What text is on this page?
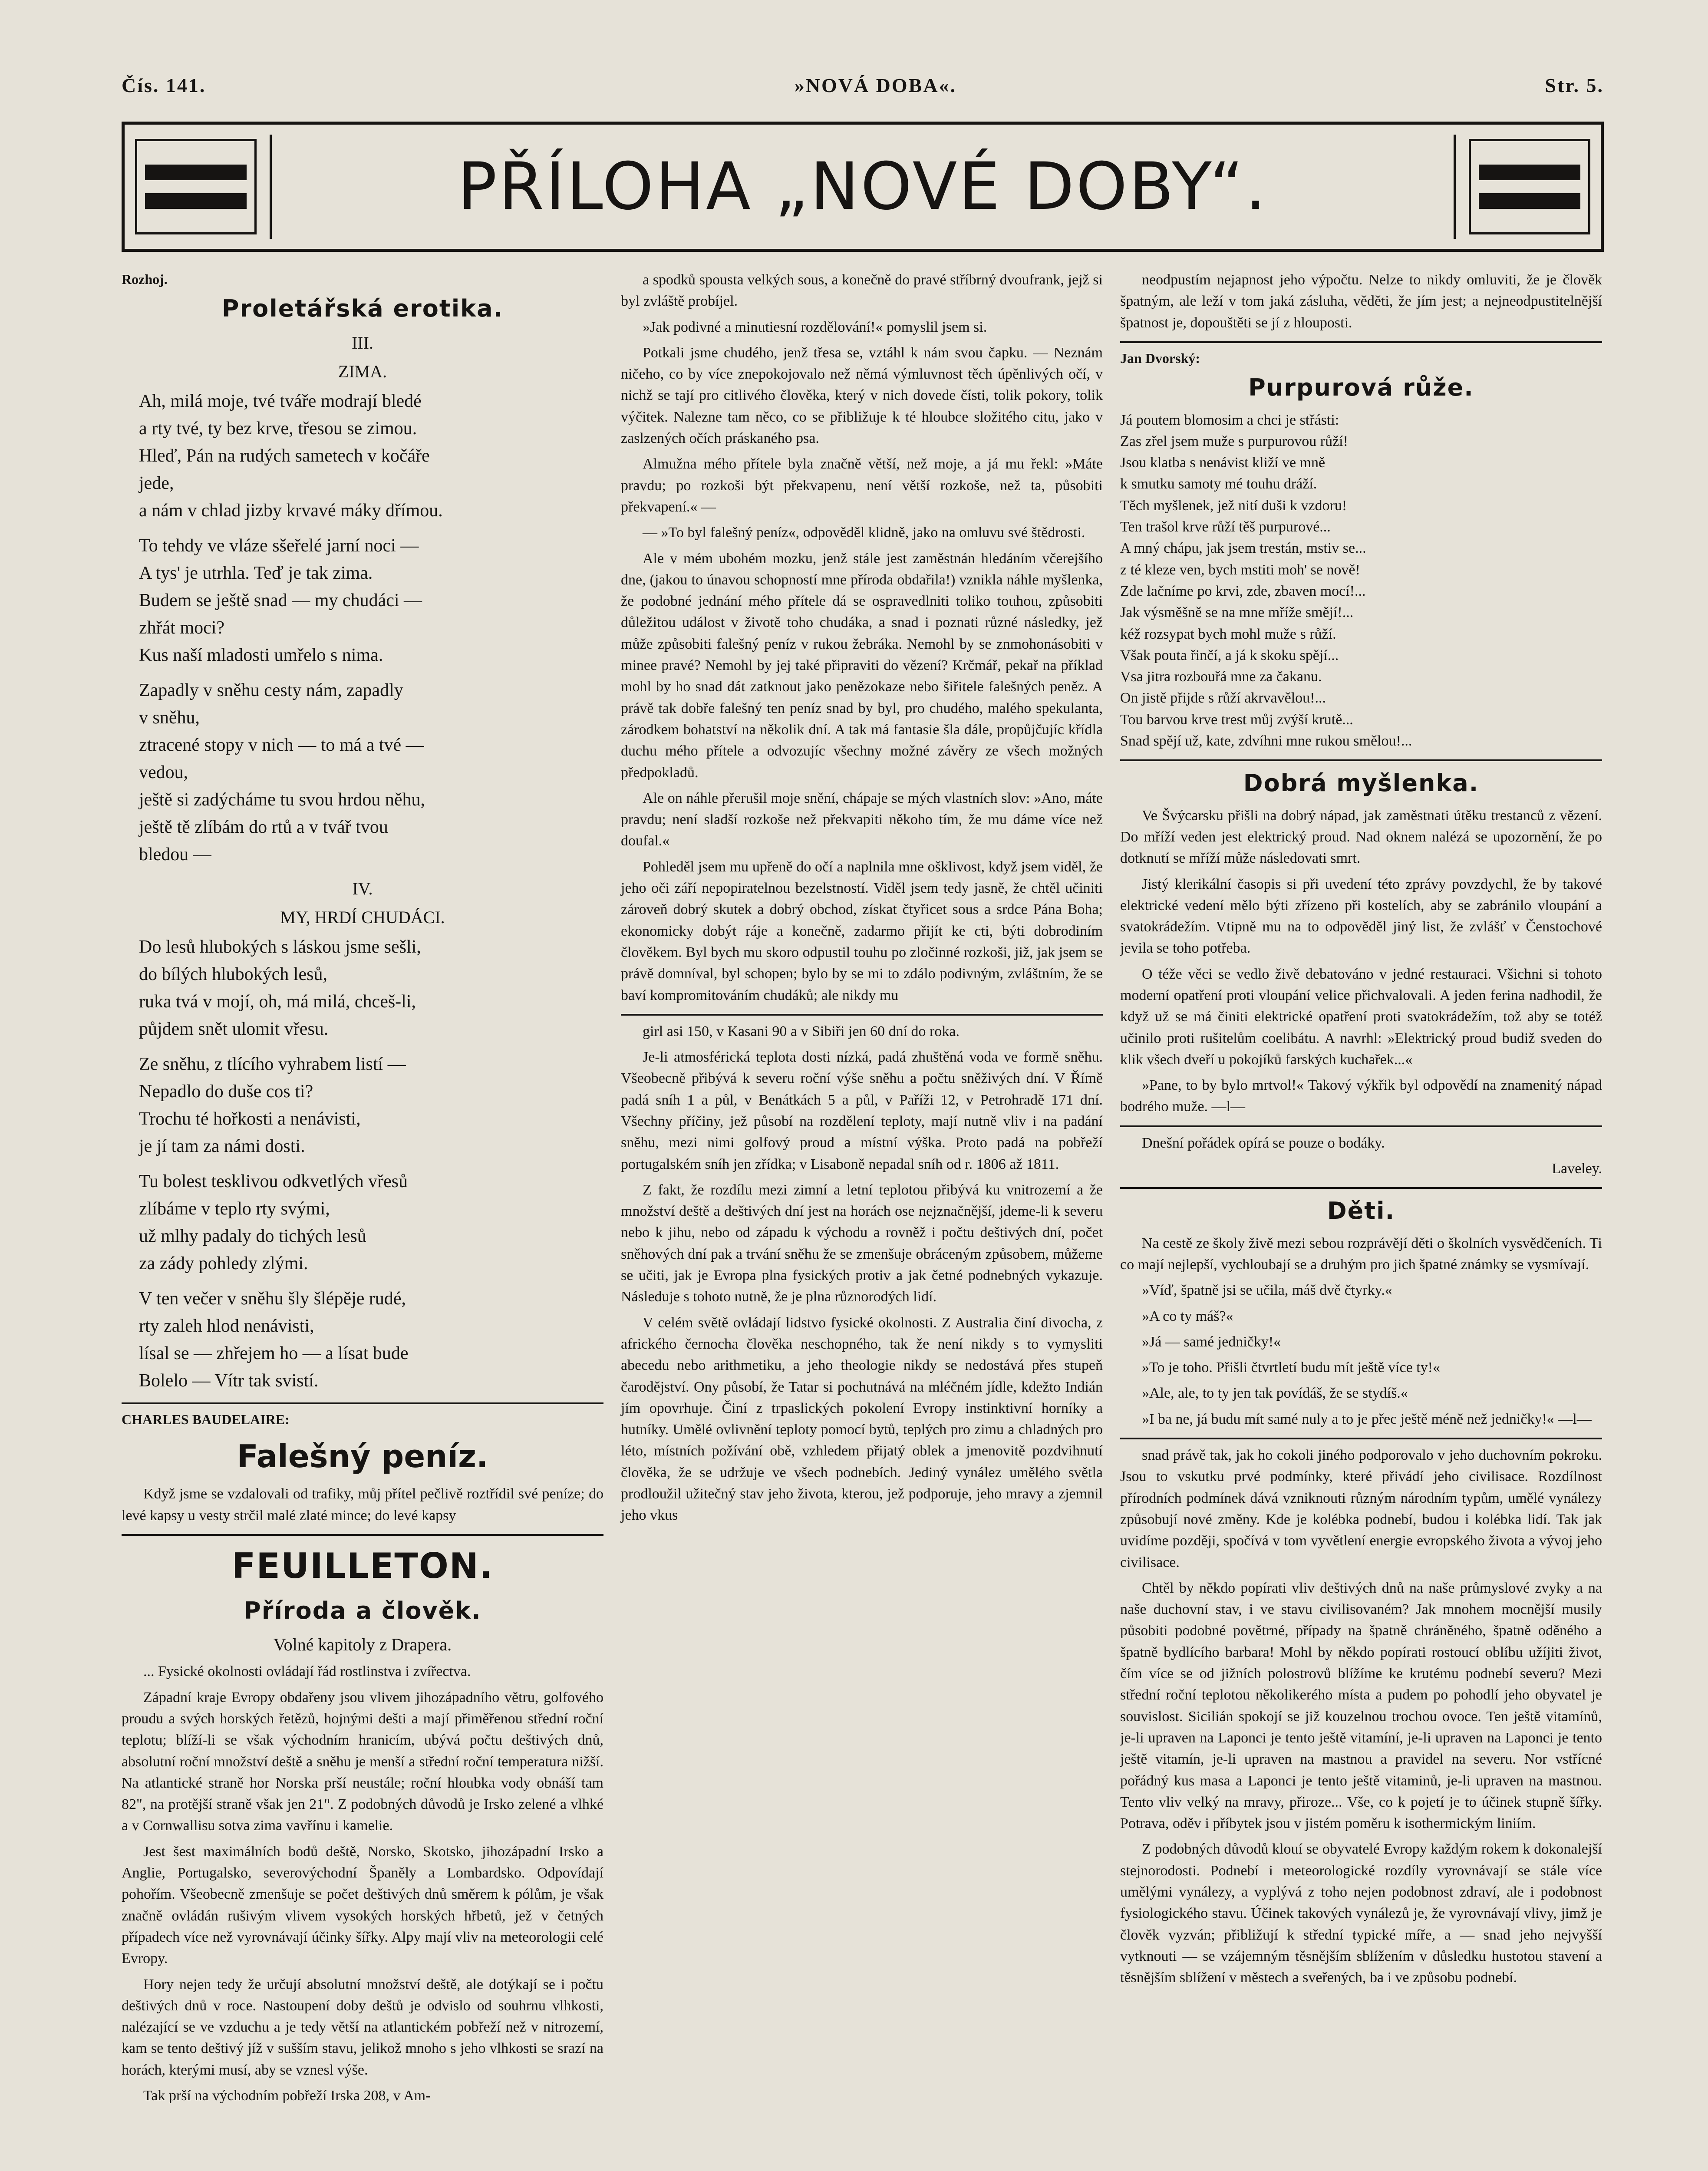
Čís. 141.	»NOVÁ DOBA«.	Str. 5.
PŘÍLOHA „NOVÉ DOBY“.
Rozhoj.
Proletářská erotika.
III.
ZIMA.
Ah, milá moje, tvé tváře modrají bledé
a rty tvé, ty bez krve, třesou se zimou.
Hleď, Pán na rudých sametech v kočáře
jede,
a nám v chlad jizby krvavé máky dřímou.
To tehdy ve vláze sšeřelé jarní noci —
A tys' je utrhla. Teď je tak zima.
Budem se ještě snad — my chudáci —
zhřát moci?
Kus naší mladosti umřelo s nima.
Zapadly v sněhu cesty nám, zapadly
v sněhu,
ztracené stopy v nich — to má a tvé —
vedou,
ještě si zadýcháme tu svou hrdou něhu,
ještě tě zlíbám do rtů a v tvář tvou
bledou —
IV.
MY, HRDÍ CHUDÁCI.
Do lesů hlubokých s láskou jsme sešli,
do bílých hlubokých lesů,
ruka tvá v mojí, oh, má milá, chceš-li,
půjdem snět ulomit vřesu.
Ze sněhu, z tlícího vyhrabem listí —
Nepadlo do duše cos ti?
Trochu té hořkosti a nenávisti,
je jí tam za námi dosti.
Tu bolest tesklivou odkvetlých vřesů
zlíbáme v teplo rty svými,
už mlhy padaly do tichých lesů
za zády pohledy zlými.
V ten večer v sněhu šly šlépěje rudé,
rty zaleh hlod nenávisti,
lísal se — zhřejem ho — a lísat bude
Bolelo — Vítr tak svistí.
CHARLES BAUDELAIRE:
Falešný peníz.

Když jsme se vzdalovali od trafiky, můj přítel pečlivě roztřídil své peníze; do levé kapsy u vesty strčil malé zlaté mince; do levé kapsy

FEUILLETON.
Příroda a člověk.
Volné kapitoly z Drapera.

... Fysické okolnosti ovládají řád rostlinstva i zvířectva.

Západní kraje Evropy obdařeny jsou vlivem jihozápadního větru, golfového proudu a svých horských řetězů, hojnými dešti a mají přiměřenou střední roční teplotu; blíží-li se však východním hranicím, ubývá počtu deštivých dnů, absolutní roční množství deště a sněhu je menší a střední roční temperatura nižší. Na atlantické straně hor Norska prší neustále; roční hloubka vody obnáší tam 82", na protější straně však jen 21". Z podobných důvodů je Irsko zelené a vlhké a v Cornwallisu sotva zima vavřínu i kamelie.

Jest šest maximálních bodů deště, Norsko, Skotsko, jihozápadní Irsko a Anglie, Portugalsko, severovýchodní Španěly a Lombardsko. Odpovídají pohořím. Všeobecně zmenšuje se počet deštivých dnů směrem k pólům, je však značně ovládán rušivým vlivem vysokých horských hřbetů, jež v četných případech více než vyrovnávají účinky šířky. Alpy mají vliv na meteorologii celé Evropy.

Hory nejen tedy že určují absolutní množství deště, ale dotýkají se i počtu deštivých dnů v roce. Nastoupení doby deštů je odvislo od souhrnu vlhkosti, nalézající se ve vzduchu a je tedy větší na atlantickém pobřeží než v nitrozemí, kam se tento deštivý jíž v sušším stavu, jelikož mnoho s jeho vlhkosti se srazí na horách, kterými musí, aby se vznesl výše.

Tak prší na východním pobřeží Irska 208, v Am-

a spodků spousta velkých sous, a konečně do pravé stříbrný dvoufrank, jejž si byl zvláště probíjel.

»Jak podivné a minutiesní rozdělování!« pomyslil jsem si.

Potkali jsme chudého, jenž třesa se, vztáhl k nám svou čapku. — Neznám ničeho, co by více znepokojovalo než němá výmluvnost těch úpěnlivých očí, v nichž se tají pro citlivého člověka, který v nich dovede čísti, tolik pokory, tolik výčitek. Nalezne tam něco, co se přibližuje k té hloubce složitého citu, jako v zaslzených očích práskaného psa.

Almužna mého přítele byla značně větší, než moje, a já mu řekl: »Máte pravdu; po rozkoši být překvapenu, není větší rozkoše, než ta, působiti překvapení.« —

— »To byl falešný peníz«, odpověděl klidně, jako na omluvu své štědrosti.

Ale v mém ubohém mozku, jenž stále jest zaměstnán hledáním včerejšího dne, (jakou to únavou schopností mne příroda obdařila!) vznikla náhle myšlenka, že podobné jednání mého přítele dá se ospravedlniti toliko touhou, způsobiti důležitou událost v životě toho chudáka, a snad i poznati různé následky, jež může způsobiti falešný peníz v rukou žebráka. Nemohl by se znmohonásobiti v minee pravé? Nemohl by jej také připraviti do vězení? Krčmář, pekař na příklad mohl by ho snad dát zatknout jako penězokaze nebo šiřitele falešných peněz. A právě tak dobře falešný ten peníz snad by byl, pro chudého, malého spekulanta, zárodkem bohatství na několik dní. A tak má fantasie šla dále, propůjčujíc křídla duchu mého přítele a odvozujíc všechny možné závěry ze všech možných předpokladů.

Ale on náhle přerušil moje snění, chápaje se mých vlastních slov: »Ano, máte pravdu; není sladší rozkoše než překvapiti někoho tím, že mu dáme více než doufal.«

Pohleděl jsem mu upřeně do očí a naplnila mne ošklivost, když jsem viděl, že jeho oči září nepopiratelnou bezelstností. Viděl jsem tedy jasně, že chtěl učiniti zároveň dobrý skutek a dobrý obchod, získat čtyřicet sous a srdce Pána Boha; ekonomicky dobýt ráje a konečně, zadarmo přijít ke cti, býti dobrodiním člověkem. Byl bych mu skoro odpustil touhu po zločinné rozkoši, již, jak jsem se právě domníval, byl schopen; bylo by se mi to zdálo podivným, zvláštním, že se baví kompromitováním chudáků; ale nikdy mu

girl asi 150, v Kasani 90 a v Sibiři jen 60 dní do roka.

Je-li atmosférická teplota dosti nízká, padá zhuštěná voda ve formě sněhu. Všeobecně přibývá k severu roční výše sněhu a počtu sněživých dní. V Římě padá sníh 1 a půl, v Benátkách 5 a půl, v Paříži 12, v Petrohradě 171 dní. Všechny příčiny, jež působí na rozdělení teploty, mají nutně vliv i na padání sněhu, mezi nimi golfový proud a místní výška. Proto padá na pobřeží portugalském sníh jen zřídka; v Lisaboně nepadal sníh od r. 1806 až 1811.

Z fakt, že rozdílu mezi zimní a letní teplotou přibývá ku vnitrozemí a že množství deště a deštivých dní jest na horách ose nejznačnější, jdeme-li k severu nebo k jihu, nebo od západu k východu a rovněž i počtu deštivých dní, počet sněhových dní pak a trvání sněhu že se zmenšuje obráceným způsobem, můžeme se učiti, jak je Evropa plna fysických protiv a jak četné podnebných vykazuje. Následuje s tohoto nutně, že je plna různorodých lidí.

V celém světě ovládají lidstvo fysické okolnosti. Z Australia činí divocha, z afrického černocha člověka neschopného, tak že není nikdy s to vymysliti abecedu nebo arithmetiku, a jeho theologie nikdy se nedostává přes stupeň čarodějství. Ony působí, že Tatar si pochutnává na mléčném jídle, kdežto Indián jím opovrhuje. Činí z trpaslických pokolení Evropy instinktivní horníky a hutníky. Umělé ovlivnění teploty pomocí bytů, teplých pro zimu a chladných pro léto, místních požívání obě, vzhledem přijatý oblek a jmenovitě pozdvihnutí člověka, že se udržuje ve všech podnebích. Jediný vynález umělého světla prodloužil užitečný stav jeho života, kterou, jež podporuje, jeho mravy a zjemnil jeho vkus

neodpustím nejapnost jeho výpočtu. Nelze to nikdy omluviti, že je člověk špatným, ale leží v tom jaká zásluha, věděti, že jím jest; a nejneodpustitelnější špatnost je, dopouštěti se jí z hlouposti.

Jan Dvorský:
Purpurová růže.
Já poutem blomosim a chci je střásti:
Zas zřel jsem muže s purpurovou růží!
Jsou klatba s nenávist kliží ve mně
k smutku samoty mé touhu dráží.
Těch myšlenek, jež nití duši k vzdoru!
Ten trašol krve růží těš purpurové...
A mný chápu, jak jsem trestán, mstiv se...
z té kleze ven, bych mstiti moh' se nově!
Zde lačníme po krvi, zde, zbaven mocí!...
Jak výsměšně se na mne mříže smějí!...
kéž rozsypat bych mohl muže s růží.
Však pouta řinčí, a já k skoku spějí...
Vsa jitra rozbouřá mne za čakanu.
On jistě přijde s růží akrvavělou!...
Tou barvou krve trest můj zvýší krutě...
Snad spějí už, kate, zdvíhni mne rukou smělou!...
Dobrá myšlenka.

Ve Švýcarsku přišli na dobrý nápad, jak zaměstnati útěku trestanců z vězení. Do mříží veden jest elektrický proud. Nad oknem nalézá se upozornění, že po dotknutí se mříží může následovati smrt.

Jistý klerikální časopis si při uvedení této zprávy povzdychl, že by takové elektrické vedení mělo býti zřízeno při kostelích, aby se zabránilo vloupání a svatokrádežím. Vtipně mu na to odpověděl jiný list, že zvlášť v Čenstochové jevila se toho potřeba.

O téže věci se vedlo živě debatováno v jedné restauraci. Všichni si tohoto moderní opatření proti vloupání velice přichvalovali. A jeden ferina nadhodil, že když už se má činiti elektrické opatření proti svatokrádežím, tož aby se totéž učinilo proti rušitelům coelibátu. A navrhl: »Elektrický proud budiž sveden do klik všech dveří u pokojíků farských kuchařek...«

»Pane, to by bylo mrtvol!« Takový výkřik byl odpovědí na znamenitý nápad bodrého muže. —l—

Dnešní pořádek opírá se pouze o bodáky.

Laveley.
Děti.

Na cestě ze školy živě mezi sebou rozprávějí děti o školních vysvědčeních. Ti co mají nejlepší, vychloubají se a druhým pro jich špatné známky se vysmívají.

»Víď, špatně jsi se učila, máš dvě čtyrky.«

»A co ty máš?«

»Já — samé jedničky!«

»To je toho. Přišli čtvrtletí budu mít ještě více ty!«

»Ale, ale, to ty jen tak povídáš, že se stydíš.«

»I ba ne, já budu mít samé nuly a to je přec ještě méně než jedničky!« —l—

snad právě tak, jak ho cokoli jiného podporovalo v jeho duchovním pokroku. Jsou to vskutku prvé podmínky, které přivádí jeho civilisace. Rozdílnost přírodních podmínek dává vzniknouti různým národním typům, umělé vynálezy způsobují nové změny. Kde je kolébka podnebí, budou i kolébka lidí. Tak jak uvidíme později, spočívá v tom vyvětlení energie evropského života a vývoj jeho civilisace.

Chtěl by někdo popírati vliv deštivých dnů na naše průmyslové zvyky a na naše duchovní stav, i ve stavu civilisovaném? Jak mnohem mocnější musily působiti podobné povětrné, případy na špatně chráněného, špatně oděného a špatně bydlícího barbara! Mohl by někdo popírati rostoucí oblíbu užíjiti život, čím více se od jižních polostrovů blížíme ke krutému podnebí severu? Mezi střední roční teplotou několikerého místa a pudem po pohodlí jeho obyvatel je souvislost. Sicilián spokojí se již kouzelnou trochou ovoce. Ten ještě vitamínů, je-li upraven na Laponci je tento ještě vitamíní, je-li upraven na Laponci je tento ještě vitamín, je-li upraven na mastnou a pravidel na severu. Nor vstřícné pořádný kus masa a Laponci je tento ještě vitaminů, je-li upraven na mastnou. Tento vliv velký na mravy, přiroze... Vše, co k pojetí je to účinek stupně šířky. Potrava, oděv i příbytek jsou v jistém poměru k isothermickým liniím.

Z podobných důvodů klouí se obyvatelé Evropy každým rokem k dokonalejší stejnorodosti. Podnebí i meteorologické rozdíly vyrovnávají se stále více umělými vynálezy, a vyplývá z toho nejen podobnost zdraví, ale i podobnost fysiologického stavu. Účinek takových vynálezů je, že vyrovnávají vlivy, jimž je člověk vyzván; přibližují k střední typické míře, a — snad jeho nejvyšší vytknouti — se vzájemným těsnějším sblížením v důsledku hustotou stavení a těsnějším sblížení v městech a sveřených, ba i ve způsobu podnebí.
